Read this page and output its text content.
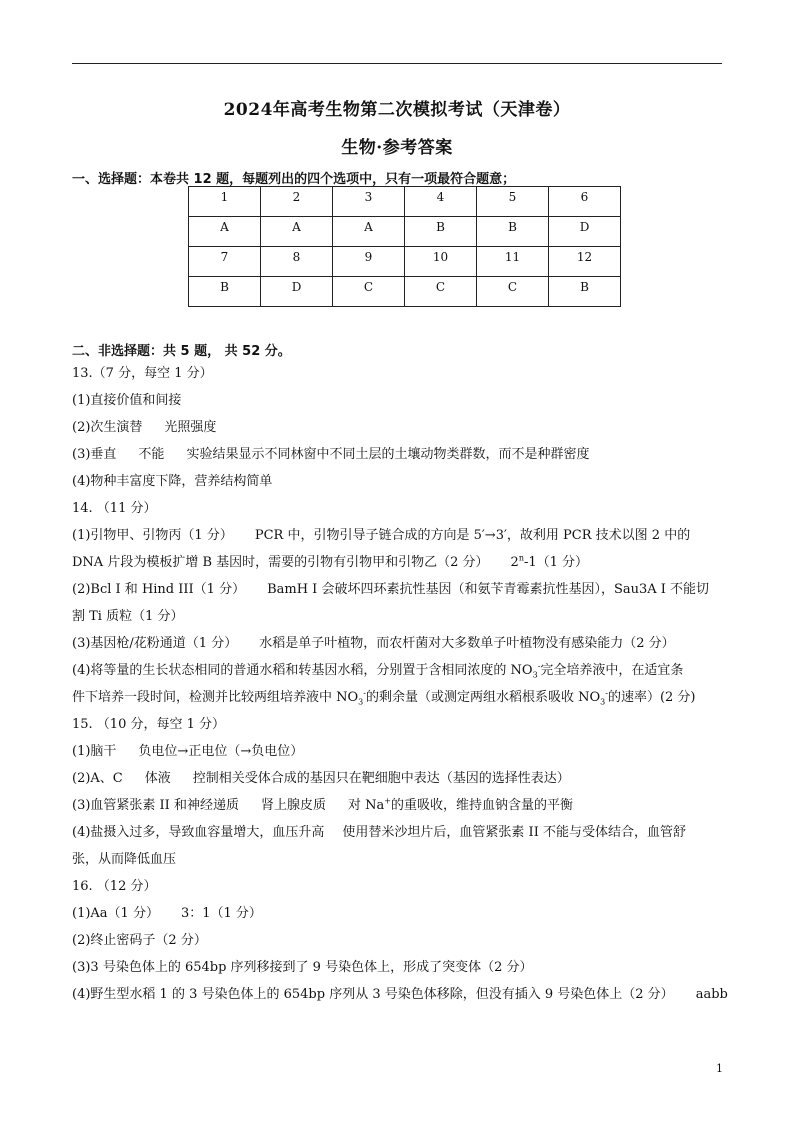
2024年高考生物第二次模拟考试（天津卷）
生物·参考答案
一、选择题：本卷共 12 题，每题列出的四个选项中，只有一项最符合题意；
1	2	3	4	5	6
A	A	A	B	B	D
7	8	9	10	11	12
B	D	C	C	C	B
二、非选择题：共 5 题， 共 52 分。
13.（7 分，每空 1 分）
(1)直接价值和间接
(2)次生演替 光照强度
(3)垂直 不能 实验结果显示不同林窗中不同土层的土壤动物类群数，而不是种群密度
(4)物种丰富度下降，营养结构简单
14. （11 分）
(1)引物甲、引物丙（1 分） PCR 中，引物引导子链合成的方向是 5′→3′，故利用 PCR 技术以图 2 中的
DNA 片段为模板扩增 B 基因时，需要的引物有引物甲和引物乙（2 分） 2$^n$-1（1 分）
(2)Bcl I 和 Hind III（1 分） BamH I 会破坏四环素抗性基因（和氨苄青霉素抗性基因），Sau3A I 不能切
割 Ti 质粒（1 分）
(3)基因枪/花粉通道（1 分） 水稻是单子叶植物，而农杆菌对大多数单子叶植物没有感染能力（2 分）
(4)将等量的生长状态相同的普通水稻和转基因水稻，分别置于含相同浓度的 $NO_3^-$完全培养液中，在适宜条
件下培养一段时间，检测并比较两组培养液中 $NO_3^-$的剩余量（或测定两组水稻根系吸收 $NO_3^-$的速率）(2 分)
15. （10 分，每空 1 分）
(1)脑干 负电位→正电位（→负电位）
(2)A、C 体液 控制相关受体合成的基因只在靶细胞中表达（基因的选择性表达）
(3)血管紧张素 II 和神经递质 肾上腺皮质 对 Na+的重吸收，维持血钠含量的平衡
(4)盐摄入过多，导致血容量增大，血压升高 使用替米沙坦片后，血管紧张素 II 不能与受体结合，血管舒
张，从而降低血压
16. （12 分）
(1)Aa（1 分） 3：1（1 分）
(2)终止密码子（2 分）
(3)3 号染色体上的 654bp 序列移接到了 9 号染色体上，形成了突变体（2 分）
(4)野生型水稻 1 的 3 号染色体上的 654bp 序列从 3 号染色体移除，但没有插入 9 号染色体上（2 分） aabb
1
